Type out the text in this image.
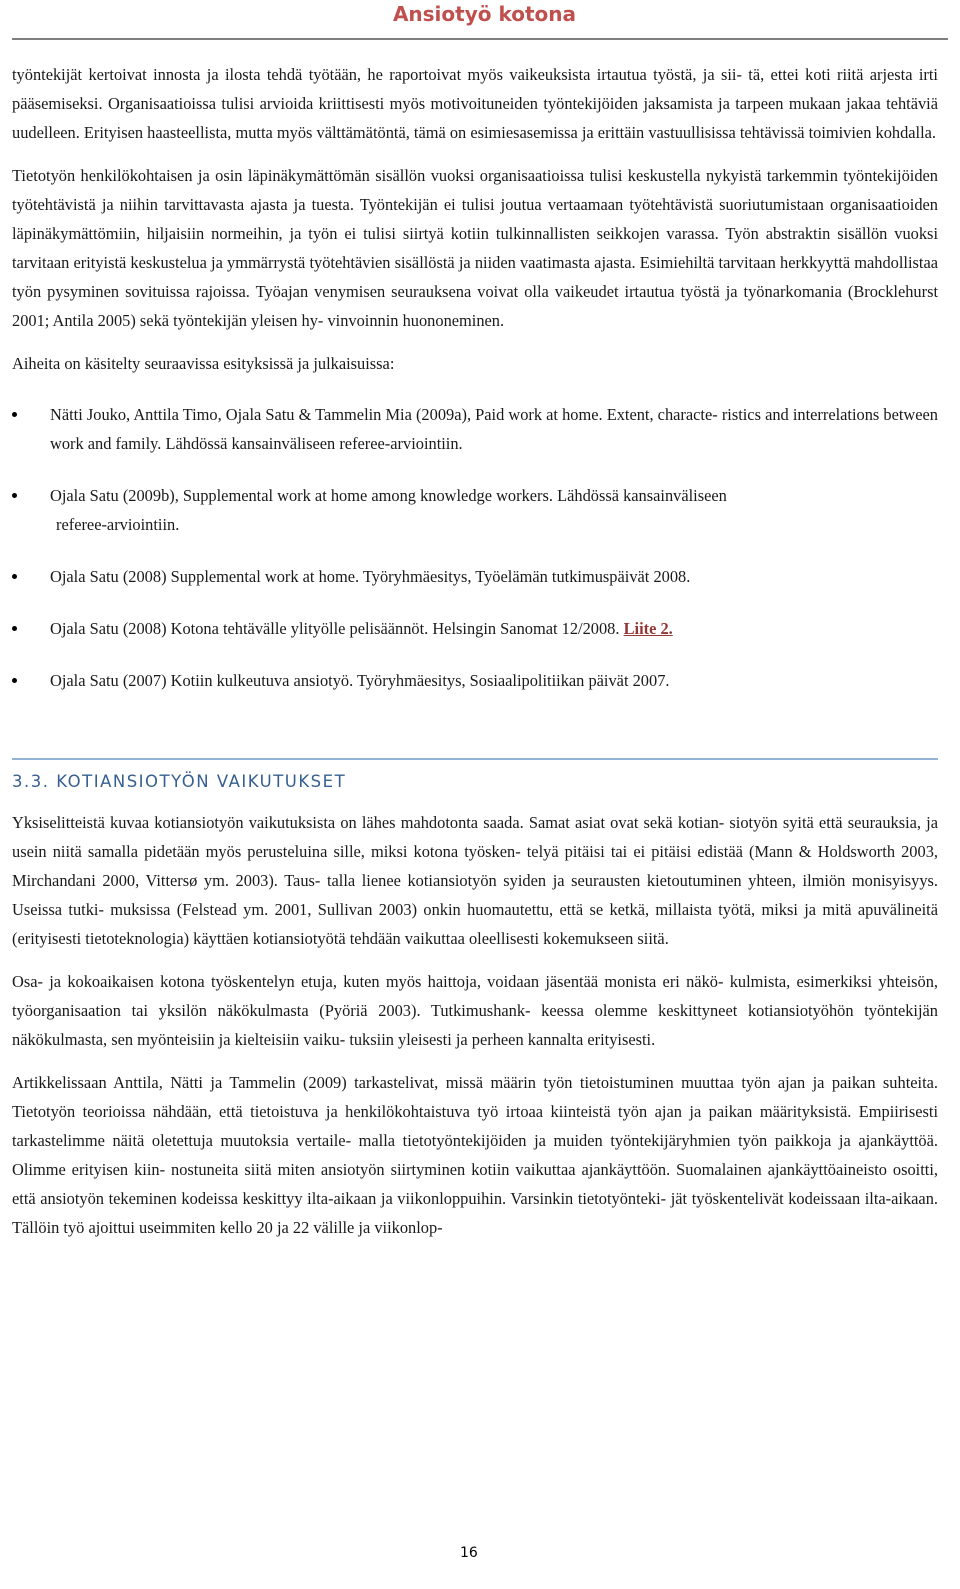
Ansiotyö kotona

työntekijät kertoivat innosta ja ilosta tehdä työtään, he raportoivat myös vaikeuksista irtautua työstä, ja sii- tä, ettei koti riitä arjesta irti pääsemiseksi. Organisaatioissa tulisi arvioida kriittisesti myös motivoituneiden työntekijöiden jaksamista ja tarpeen mukaan jakaa tehtäviä uudelleen. Erityisen haasteellista, mutta myös välttämätöntä, tämä on esimiesasemissa ja erittäin vastuullisissa tehtävissä toimivien kohdalla.

Tietotyön henkilökohtaisen ja osin läpinäkymättömän sisällön vuoksi organisaatioissa tulisi keskustella nykyistä tarkemmin työntekijöiden työtehtävistä ja niihin tarvittavasta ajasta ja tuesta. Työntekijän ei tulisi joutua vertaamaan työtehtävistä suoriutumistaan organisaatioiden läpinäkymättömiin, hiljaisiin normeihin, ja työn ei tulisi siirtyä kotiin tulkinnallisten seikkojen varassa. Työn abstraktin sisällön vuoksi tarvitaan erityistä keskustelua ja ymmärrystä työtehtävien sisällöstä ja niiden vaatimasta ajasta. Esimiehiltä tarvitaan herkkyyttä mahdollistaa työn pysyminen sovituissa rajoissa. Työajan venymisen seurauksena voivat olla vaikeudet irtautua työstä ja työnarkomania (Brocklehurst 2001; Antila 2005) sekä työntekijän yleisen hy- vinvoinnin huononeminen.

Aiheita on käsitelty seuraavissa esityksissä ja julkaisuissa:

Nätti Jouko, Anttila Timo, Ojala Satu & Tammelin Mia (2009a), Paid work at home. Extent, characte- ristics and interrelations between work and family. Lähdössä kansainväliseen referee-arviointiin.
Ojala Satu (2009b), Supplemental work at home among knowledge workers. Lähdössä kansainväliseen
referee-arviointiin.
Ojala Satu (2008) Supplemental work at home. Työryhmäesitys, Työelämän tutkimuspäivät 2008.
Ojala Satu (2008) Kotona tehtävälle ylityölle pelisäännöt. Helsingin Sanomat 12/2008. Liite 2.
Ojala Satu (2007) Kotiin kulkeutuva ansiotyö. Työryhmäesitys, Sosiaalipolitiikan päivät 2007.
3.3. KOTIANSIOTYÖN VAIKUTUKSET

Yksiselitteistä kuvaa kotiansiotyön vaikutuksista on lähes mahdotonta saada. Samat asiat ovat sekä kotian- siotyön syitä että seurauksia, ja usein niitä samalla pidetään myös perusteluina sille, miksi kotona työsken- telyä pitäisi tai ei pitäisi edistää (Mann & Holdsworth 2003, Mirchandani 2000, Vittersø ym. 2003). Taus- talla lienee kotiansiotyön syiden ja seurausten kietoutuminen yhteen, ilmiön monisyisyys. Useissa tutki- muksissa (Felstead ym. 2001, Sullivan 2003) onkin huomautettu, että se ketkä, millaista työtä, miksi ja mitä apuvälineitä (erityisesti tietoteknologia) käyttäen kotiansiotyötä tehdään vaikuttaa oleellisesti kokemukseen siitä.

Osa- ja kokoaikaisen kotona työskentelyn etuja, kuten myös haittoja, voidaan jäsentää monista eri näkö- kulmista, esimerkiksi yhteisön, työorganisaation tai yksilön näkökulmasta (Pyöriä 2003). Tutkimushank- keessa olemme keskittyneet kotiansiotyöhön työntekijän näkökulmasta, sen myönteisiin ja kielteisiin vaiku- tuksiin yleisesti ja perheen kannalta erityisesti.

Artikkelissaan Anttila, Nätti ja Tammelin (2009) tarkastelivat, missä määrin työn tietoistuminen muuttaa työn ajan ja paikan suhteita. Tietotyön teorioissa nähdään, että tietoistuva ja henkilökohtaistuva työ irtoaa kiinteistä työn ajan ja paikan määrityksistä. Empiirisesti tarkastelimme näitä oletettuja muutoksia vertaile- malla tietotyöntekijöiden ja muiden työntekijäryhmien työn paikkoja ja ajankäyttöä. Olimme erityisen kiin- nostuneita siitä miten ansiotyön siirtyminen kotiin vaikuttaa ajankäyttöön. Suomalainen ajankäyttöaineisto osoitti, että ansiotyön tekeminen kodeissa keskittyy ilta-aikaan ja viikonloppuihin. Varsinkin tietotyönteki- jät työskentelivät kodeissaan ilta-aikaan. Tällöin työ ajoittui useimmiten kello 20 ja 22 välille ja viikonlop-

16
